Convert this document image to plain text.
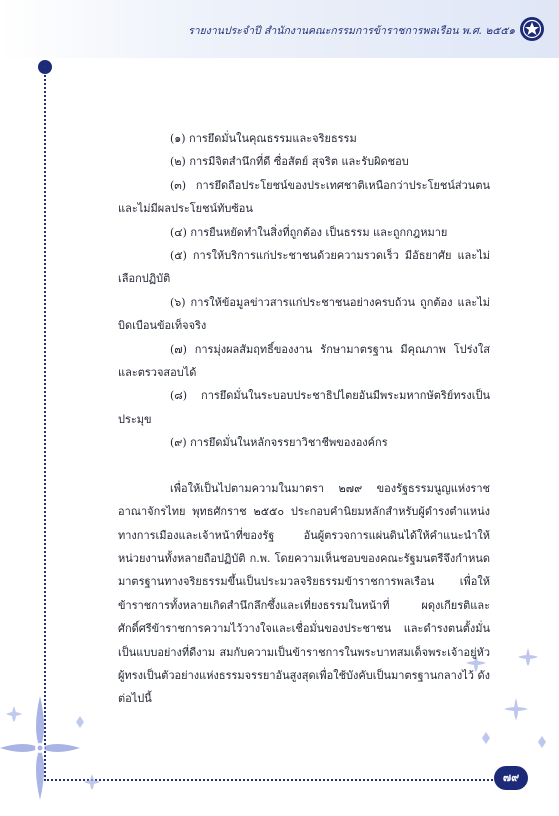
รายงานประจำปี สำนักงานคณะกรรมการข้าราชการพลเรือน พ.ศ. ๒๕๕๑
๗๙

(๑) การยึดมั่นในคุณธรรมและจริยธรรม

(๒) การมีจิตสำนึกที่ดี ซื่อสัตย์ สุจริต และรับผิดชอบ

(๓) การยึดถือประโยชน์ของประเทศชาติเหนือกว่าประโยชน์ส่วนตนและไม่มีผลประโยชน์ทับซ้อน

(๔) การยืนหยัดทำในสิ่งที่ถูกต้อง เป็นธรรม และถูกกฎหมาย

(๕) การให้บริการแก่ประชาชนด้วยความรวดเร็ว มีอัธยาศัย และไม่เลือกปฏิบัติ

(๖) การให้ข้อมูลข่าวสารแก่ประชาชนอย่างครบถ้วน ถูกต้อง และไม่บิดเบือนข้อเท็จจริง

(๗) การมุ่งผลสัมฤทธิ์ของงาน รักษามาตรฐาน มีคุณภาพ โปร่งใส และตรวจสอบได้

(๘) การยึดมั่นในระบอบประชาธิปไตยอันมีพระมหากษัตริย์ทรงเป็นประมุข

(๙) การยึดมั่นในหลักจรรยาวิชาชีพขององค์กร

เพื่อให้เป็นไปตามความในมาตรา ๒๗๙ ของรัฐธรรมนูญแห่งราชอาณาจักรไทย พุทธศักราช ๒๕๕๐ ประกอบคำนิยมหลักสำหรับผู้ดำรงตำแหน่งทางการเมืองและเจ้าหน้าที่ของรัฐ อันผู้ตรวจการแผ่นดินได้ให้คำแนะนำให้หน่วยงานทั้งหลายถือปฏิบัติ ก.พ. โดยความเห็นชอบของคณะรัฐมนตรีจึงกำหนดมาตรฐานทางจริยธรรมขึ้นเป็นประมวลจริยธรรมข้าราชการพลเรือน เพื่อให้ข้าราชการทั้งหลายเกิดสำนึกลึกซึ้งและเที่ยงธรรมในหน้าที่ ผดุงเกียรติและศักดิ์ศรีข้าราชการความไว้วางใจและเชื่อมั่นของประชาชน และดำรงตนตั้งมั่นเป็นแบบอย่างที่ดีงาม สมกับความเป็นข้าราชการในพระบาทสมเด็จพระเจ้าอยู่หัว ผู้ทรงเป็นตัวอย่างแห่งธรรมจรรยาอันสูงสุดเพื่อใช้บังคับเป็นมาตรฐานกลางไว้ ดังต่อไปนี้
